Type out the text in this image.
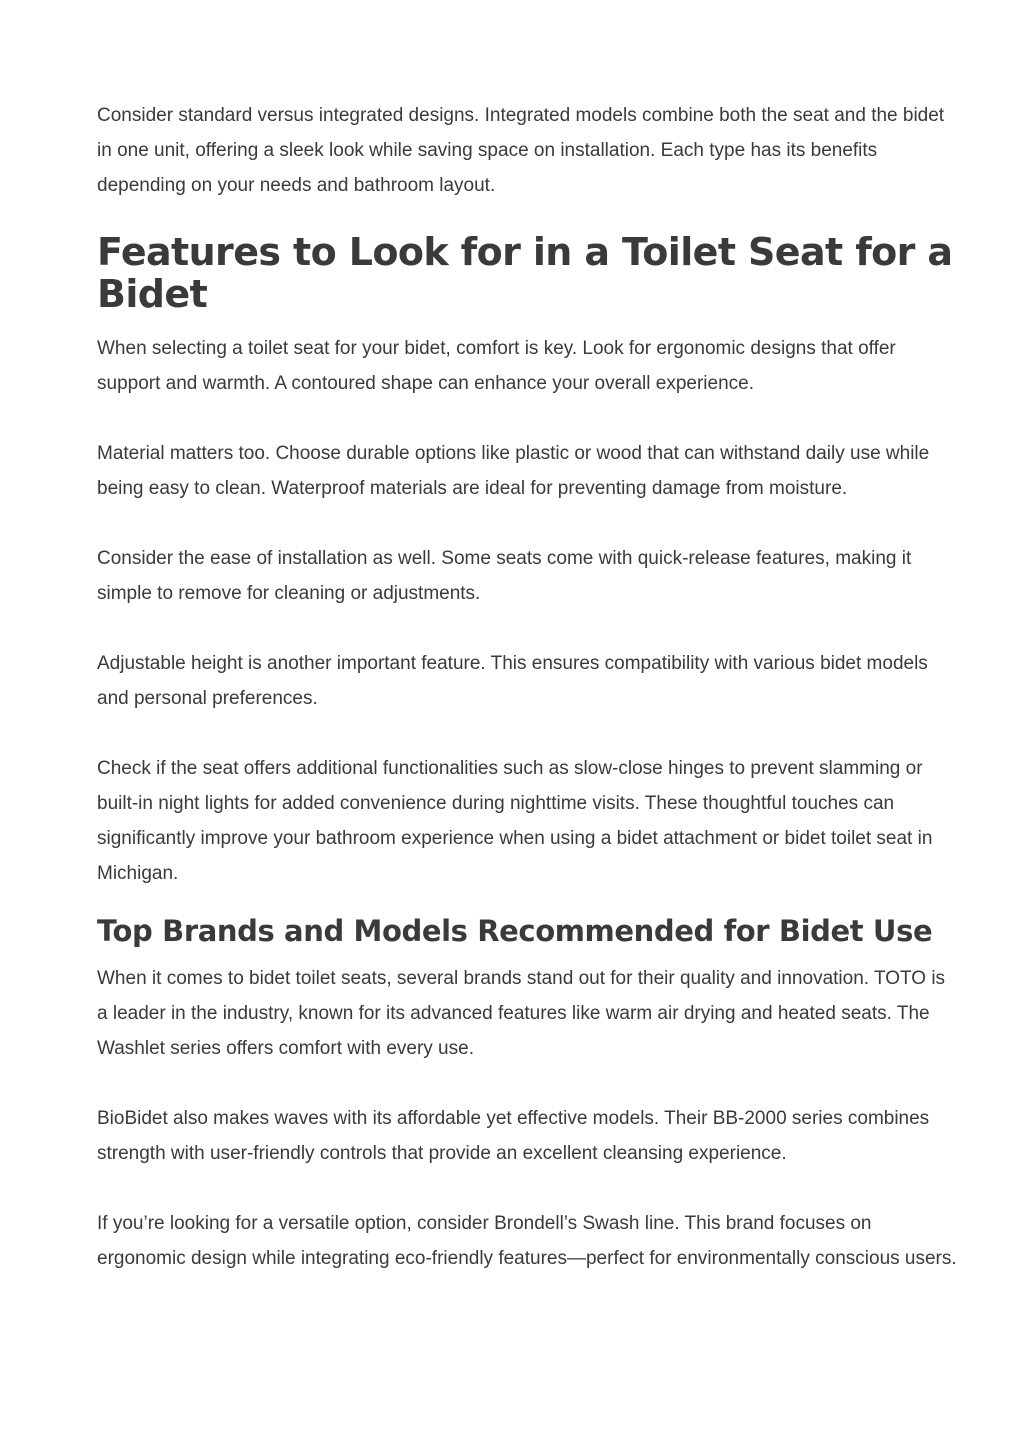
Consider standard versus integrated designs. Integrated models combine both the seat and the bidet in one unit, offering a sleek look while saving space on installation. Each type has its benefits depending on your needs and bathroom layout.

Features to Look for in a Toilet Seat for a Bidet

When selecting a toilet seat for your bidet, comfort is key. Look for ergonomic designs that offer support and warmth. A contoured shape can enhance your overall experience.

Material matters too. Choose durable options like plastic or wood that can withstand daily use while being easy to clean. Waterproof materials are ideal for preventing damage from moisture.

Consider the ease of installation as well. Some seats come with quick-release features, making it simple to remove for cleaning or adjustments.

Adjustable height is another important feature. This ensures compatibility with various bidet models and personal preferences.

Check if the seat offers additional functionalities such as slow-close hinges to prevent slamming or built-in night lights for added convenience during nighttime visits. These thoughtful touches can significantly improve your bathroom experience when using a bidet attachment or bidet toilet seat in Michigan.

Top Brands and Models Recommended for Bidet Use

When it comes to bidet toilet seats, several brands stand out for their quality and innovation. TOTO is a leader in the industry, known for its advanced features like warm air drying and heated seats. The Washlet series offers comfort with every use.

BioBidet also makes waves with its affordable yet effective models. Their BB-2000 series combines strength with user-friendly controls that provide an excellent cleansing experience.

If you’re looking for a versatile option, consider Brondell’s Swash line. This brand focuses on ergonomic design while integrating eco-friendly features—perfect for environmentally conscious users.
